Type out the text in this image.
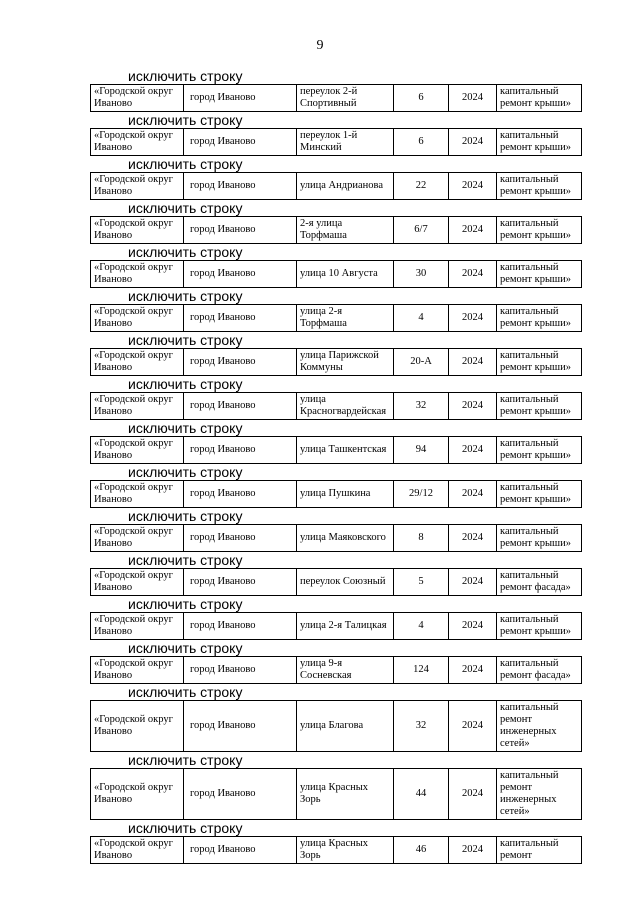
9
исключить строку
«Городской округ Иваново	город Иваново	переулок 2-й Спортивный	6	2024	капитальный ремонт крыши»
исключить строку
«Городской округ Иваново	город Иваново	переулок 1-й Минский	6	2024	капитальный ремонт крыши»
исключить строку
«Городской округ Иваново	город Иваново	улица Андрианова	22	2024	капитальный ремонт крыши»
исключить строку
«Городской округ Иваново	город Иваново	2-я улица Торфмаша	6/7	2024	капитальный ремонт крыши»
исключить строку
«Городской округ Иваново	город Иваново	улица 10 Августа	30	2024	капитальный ремонт крыши»
исключить строку
«Городской округ Иваново	город Иваново	улица 2-я Торфмаша	4	2024	капитальный ремонт крыши»
исключить строку
«Городской округ Иваново	город Иваново	улица Парижской Коммуны	20-А	2024	капитальный ремонт крыши»
исключить строку
«Городской округ Иваново	город Иваново	улица Красногвардейская	32	2024	капитальный ремонт крыши»
исключить строку
«Городской округ Иваново	город Иваново	улица Ташкентская	94	2024	капитальный ремонт крыши»
исключить строку
«Городской округ Иваново	город Иваново	улица Пушкина	29/12	2024	капитальный ремонт крыши»
исключить строку
«Городской округ Иваново	город Иваново	улица Маяковского	8	2024	капитальный ремонт крыши»
исключить строку
«Городской округ Иваново	город Иваново	переулок Союзный	5	2024	капитальный ремонт фасада»
исключить строку
«Городской округ Иваново	город Иваново	улица 2-я Талицкая	4	2024	капитальный ремонт крыши»
исключить строку
«Городской округ Иваново	город Иваново	улица 9-я Сосневская	124	2024	капитальный ремонт фасада»
исключить строку
«Городской округ Иваново	город Иваново	улица Благова	32	2024	капитальный ремонт инженерных сетей»
исключить строку
«Городской округ Иваново	город Иваново	улица Красных Зорь	44	2024	капитальный ремонт инженерных сетей»
исключить строку
«Городской округ Иваново	город Иваново	улица Красных Зорь	46	2024	капитальный ремонт
